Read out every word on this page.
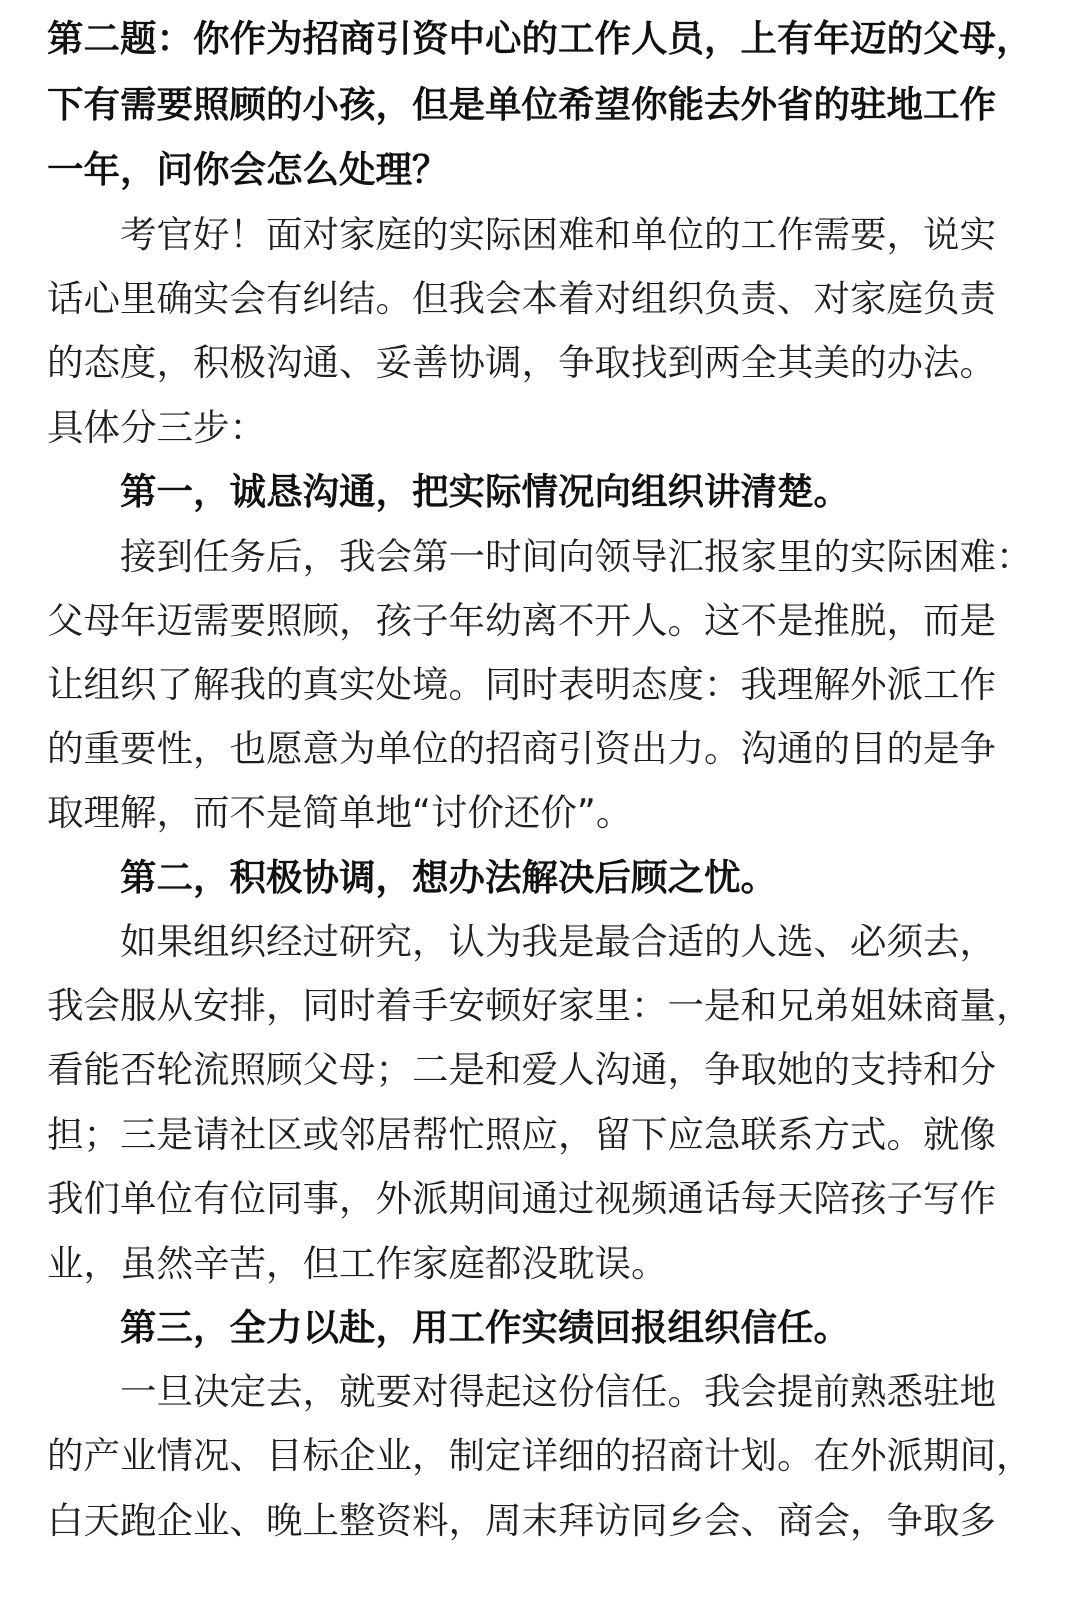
第二题：你作为招商引资中心的工作人员，上有年迈的父母，
下有需要照顾的小孩，但是单位希望你能去外省的驻地工作
一年，问你会怎么处理？
考官好！面对家庭的实际困难和单位的工作需要，说实
话心里确实会有纠结。但我会本着对组织负责、对家庭负责
的态度，积极沟通、妥善协调，争取找到两全其美的办法。
具体分三步：
第一，诚恳沟通，把实际情况向组织讲清楚。
接到任务后，我会第一时间向领导汇报家里的实际困难：
父母年迈需要照顾，孩子年幼离不开人。这不是推脱，而是
让组织了解我的真实处境。同时表明态度：我理解外派工作
的重要性，也愿意为单位的招商引资出力。沟通的目的是争
取理解，而不是简单地“讨价还价”。
第二，积极协调，想办法解决后顾之忧。
如果组织经过研究，认为我是最合适的人选、必须去，
我会服从安排，同时着手安顿好家里：一是和兄弟姐妹商量，
看能否轮流照顾父母；二是和爱人沟通，争取她的支持和分
担；三是请社区或邻居帮忙照应，留下应急联系方式。就像
我们单位有位同事，外派期间通过视频通话每天陪孩子写作
业，虽然辛苦，但工作家庭都没耽误。
第三，全力以赴，用工作实绩回报组织信任。
一旦决定去，就要对得起这份信任。我会提前熟悉驻地
的产业情况、目标企业，制定详细的招商计划。在外派期间，
白天跑企业、晚上整资料，周末拜访同乡会、商会，争取多
